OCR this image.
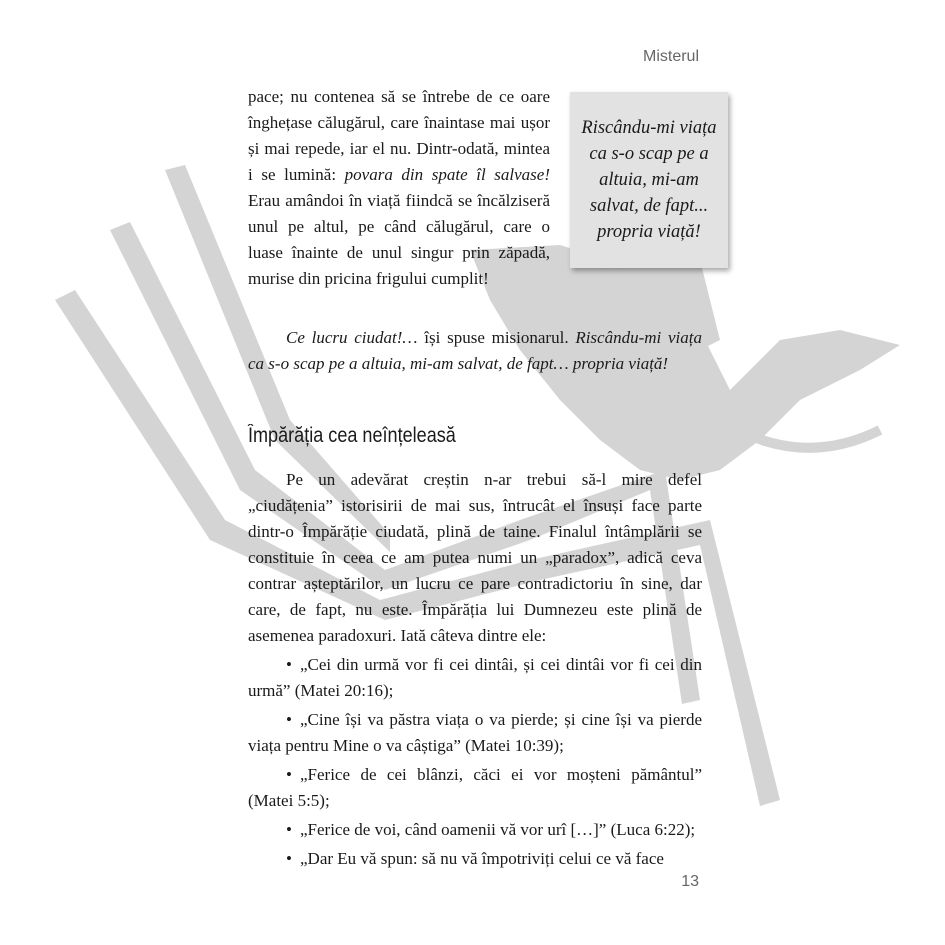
Misterul
Riscându-mi viața ca s-o scap pe a altuia, mi-am salvat, de fapt... propria viață!

pace; nu contenea să se întrebe de ce oare înghețase călugărul, care înaintase mai ușor și mai repede, iar el nu. Dintr-odată, mintea i se lumină: povara din spate îl salvase! Erau amândoi în viață fiindcă se încălziseră unul pe altul, pe când călugărul, care o luase înainte de unul singur prin zăpadă, murise din pricina frigului cumplit!

Ce lucru ciudat!… își spuse misionarul. Riscându-mi viața ca s-o scap pe a altuia, mi-am salvat, de fapt… propria viață!

Împărăția cea neînțeleasă

Pe un adevărat creștin n-ar trebui să-l mire defel „ciudățenia” istorisirii de mai sus, întrucât el însuși face parte dintr-o Împărăție ciudată, plină de taine. Finalul întâmplării se constituie în ceea ce am putea numi un „paradox”, adică ceva contrar așteptărilor, un lucru ce pare contradictoriu în sine, dar care, de fapt, nu este. Împărăția lui Dumnezeu este plină de asemenea paradoxuri. Iată câteva dintre ele:

• „Cei din urmă vor fi cei dintâi, și cei dintâi vor fi cei din urmă” (Matei 20:16);

• „Cine își va păstra viața o va pierde; și cine își va pierde viața pentru Mine o va câștiga” (Matei 10:39);

• „Ferice de cei blânzi, căci ei vor moșteni pământul” (Matei 5:5);

• „Ferice de voi, când oamenii vă vor urî […]” (Luca 6:22);

• „Dar Eu vă spun: să nu vă împotriviți celui ce vă face

13
